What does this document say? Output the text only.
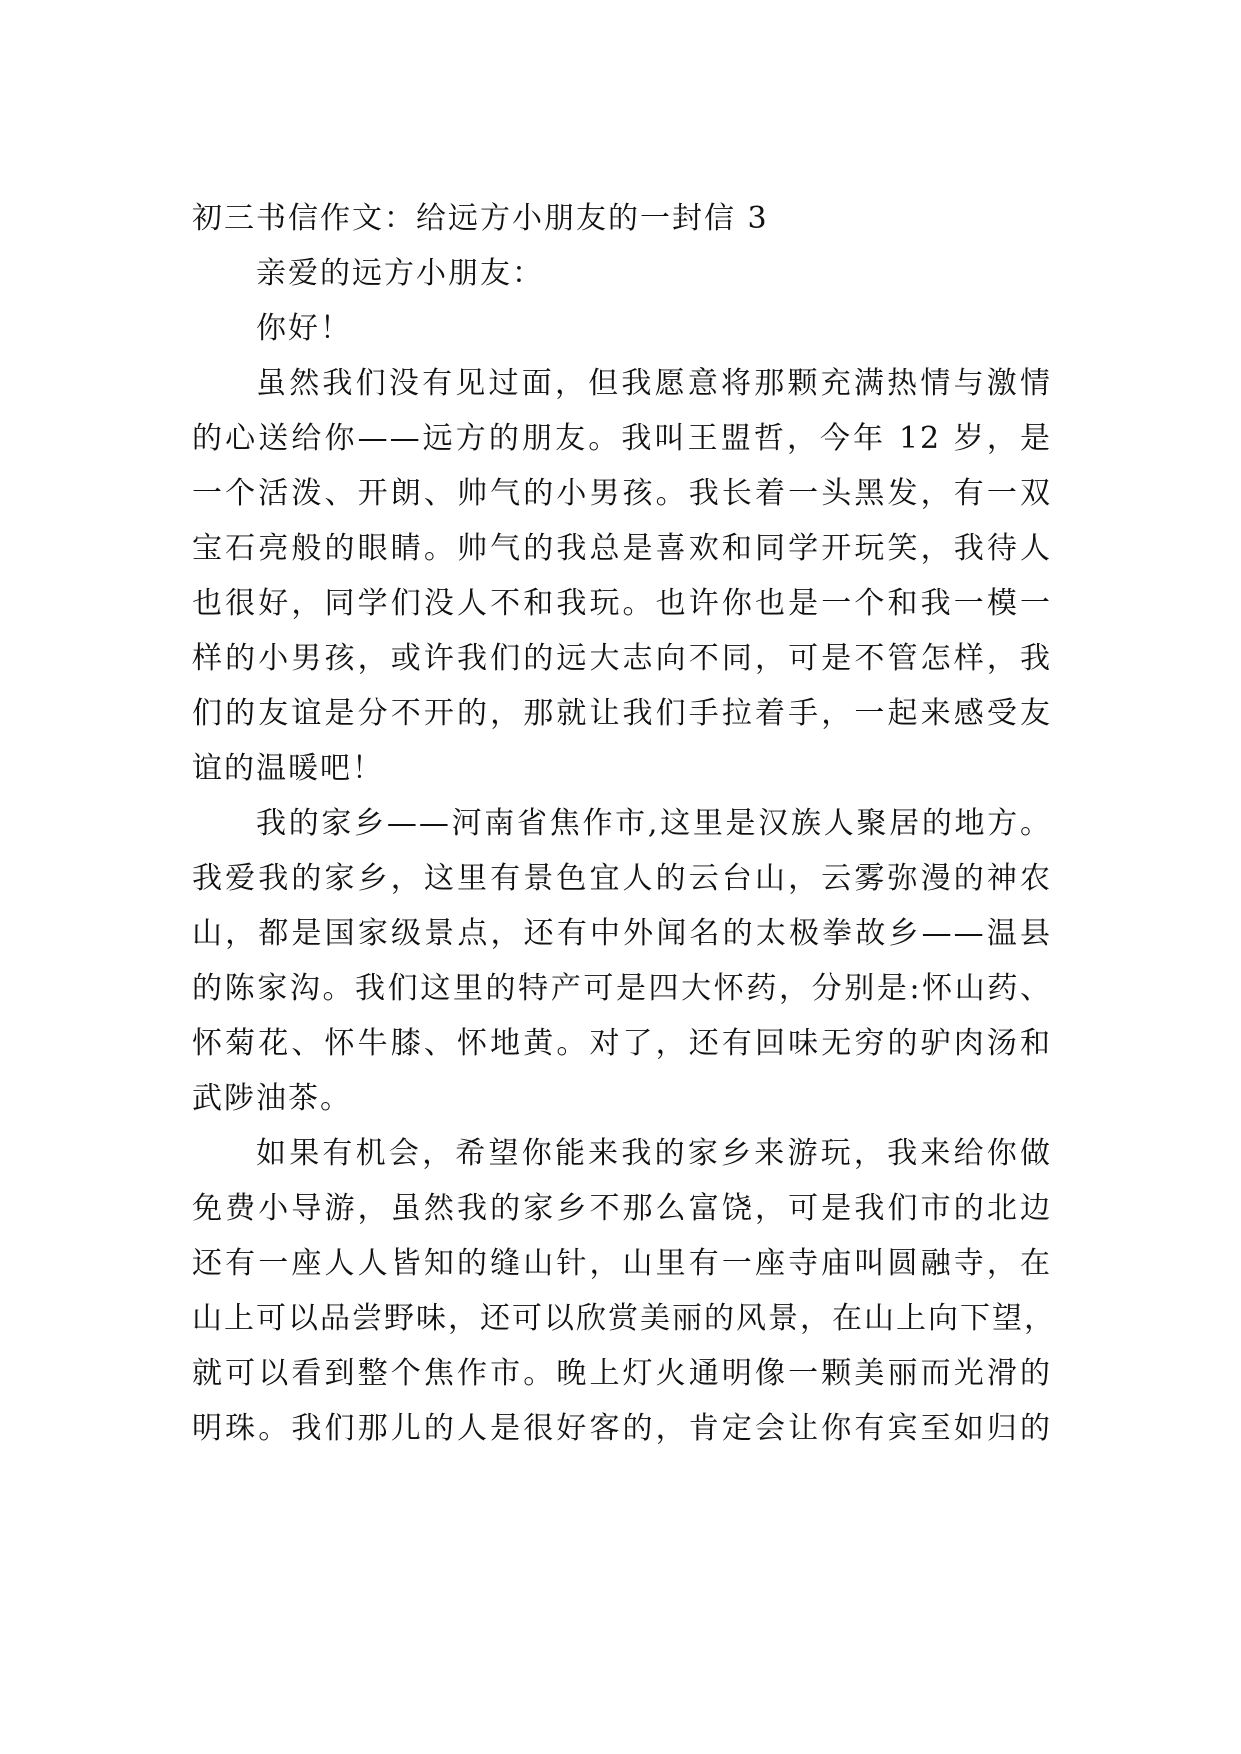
初三书信作文：给远方小朋友的一封信 3
亲爱的远方小朋友：
你好！
虽然我们没有见过面，但我愿意将那颗充满热情与激情
的心送给你——远方的朋友。我叫王盟哲，今年 12 岁，是
一个活泼、开朗、帅气的小男孩。我长着一头黑发，有一双
宝石亮般的眼睛。帅气的我总是喜欢和同学开玩笑，我待人
也很好，同学们没人不和我玩。也许你也是一个和我一模一
样的小男孩，或许我们的远大志向不同，可是不管怎样，我
们的友谊是分不开的，那就让我们手拉着手，一起来感受友
谊的温暖吧！
我的家乡——河南省焦作市,这里是汉族人聚居的地方。
我爱我的家乡，这里有景色宜人的云台山，云雾弥漫的神农
山，都是国家级景点，还有中外闻名的太极拳故乡——温县
的陈家沟。我们这里的特产可是四大怀药，分别是:怀山药、
怀菊花、怀牛膝、怀地黄。对了，还有回味无穷的驴肉汤和
武陟油茶。
如果有机会，希望你能来我的家乡来游玩，我来给你做
免费小导游，虽然我的家乡不那么富饶，可是我们市的北边
还有一座人人皆知的缝山针，山里有一座寺庙叫圆融寺，在
山上可以品尝野味，还可以欣赏美丽的风景，在山上向下望，
就可以看到整个焦作市。晚上灯火通明像一颗美丽而光滑的
明珠。我们那儿的人是很好客的，肯定会让你有宾至如归的
